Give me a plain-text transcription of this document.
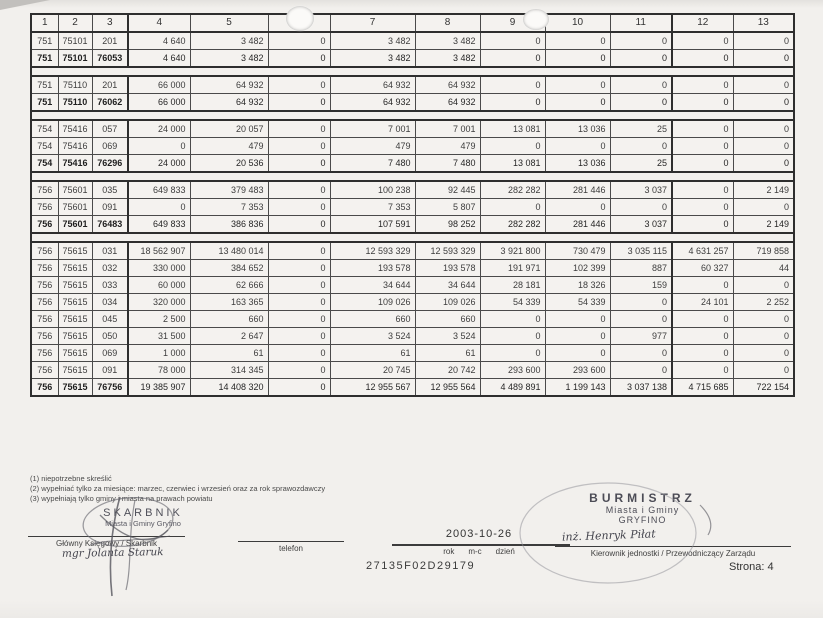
1	2	3	4	5		7	8	9	10	11	12	13
751	75101	201	4 640	3 482	0	3 482	3 482	0	0	0	0	0
751	75101	76053	4 640	3 482	0	3 482	3 482	0	0	0	0	0

751	75110	201	66 000	64 932	0	64 932	64 932	0	0	0	0	0
751	75110	76062	66 000	64 932	0	64 932	64 932	0	0	0	0	0

754	75416	057	24 000	20 057	0	7 001	7 001	13 081	13 036	25	0	0
754	75416	069	0	479	0	479	479	0	0	0	0	0
754	75416	76296	24 000	20 536	0	7 480	7 480	13 081	13 036	25	0	0

756	75601	035	649 833	379 483	0	100 238	92 445	282 282	281 446	3 037	0	2 149
756	75601	091	0	7 353	0	7 353	5 807	0	0	0	0	0
756	75601	76483	649 833	386 836	0	107 591	98 252	282 282	281 446	3 037	0	2 149

756	75615	031	18 562 907	13 480 014	0	12 593 329	12 593 329	3 921 800	730 479	3 035 115	4 631 257	719 858
756	75615	032	330 000	384 652	0	193 578	193 578	191 971	102 399	887	60 327	44
756	75615	033	60 000	62 666	0	34 644	34 644	28 181	18 326	159	0	0
756	75615	034	320 000	163 365	0	109 026	109 026	54 339	54 339	0	24 101	2 252
756	75615	045	2 500	660	0	660	660	0	0	0	0	0
756	75615	050	31 500	2 647	0	3 524	3 524	0	0	977	0	0
756	75615	069	1 000	61	0	61	61	0	0	0	0	0
756	75615	091	78 000	314 345	0	20 745	20 742	293 600	293 600	0	0	0
756	75615	76756	19 385 907	14 408 320	0	12 955 567	12 955 564	4 489 891	1 199 143	3 037 138	4 715 685	722 154
(1) niepotrzebne skreślić
(2) wypełniać tylko za miesiące: marzec, czerwiec i wrzesień oraz za rok sprawozdawczy
(3) wypełniają tylko gminy i miasta na prawach powiatu
SKARBNIK
Miasta i Gminy Gryfino
Główny Księgowy / Skarbnik
mgr Jolanta Staruk	telefon
2003-10-26
rok m-c dzień
27135F02D29179	Strona: 4
BURMISTRZ
Miasta i Gminy
GRYFINO
inż. Henryk Piłat
Kierownik jednostki / Przewodniczący Zarządu
